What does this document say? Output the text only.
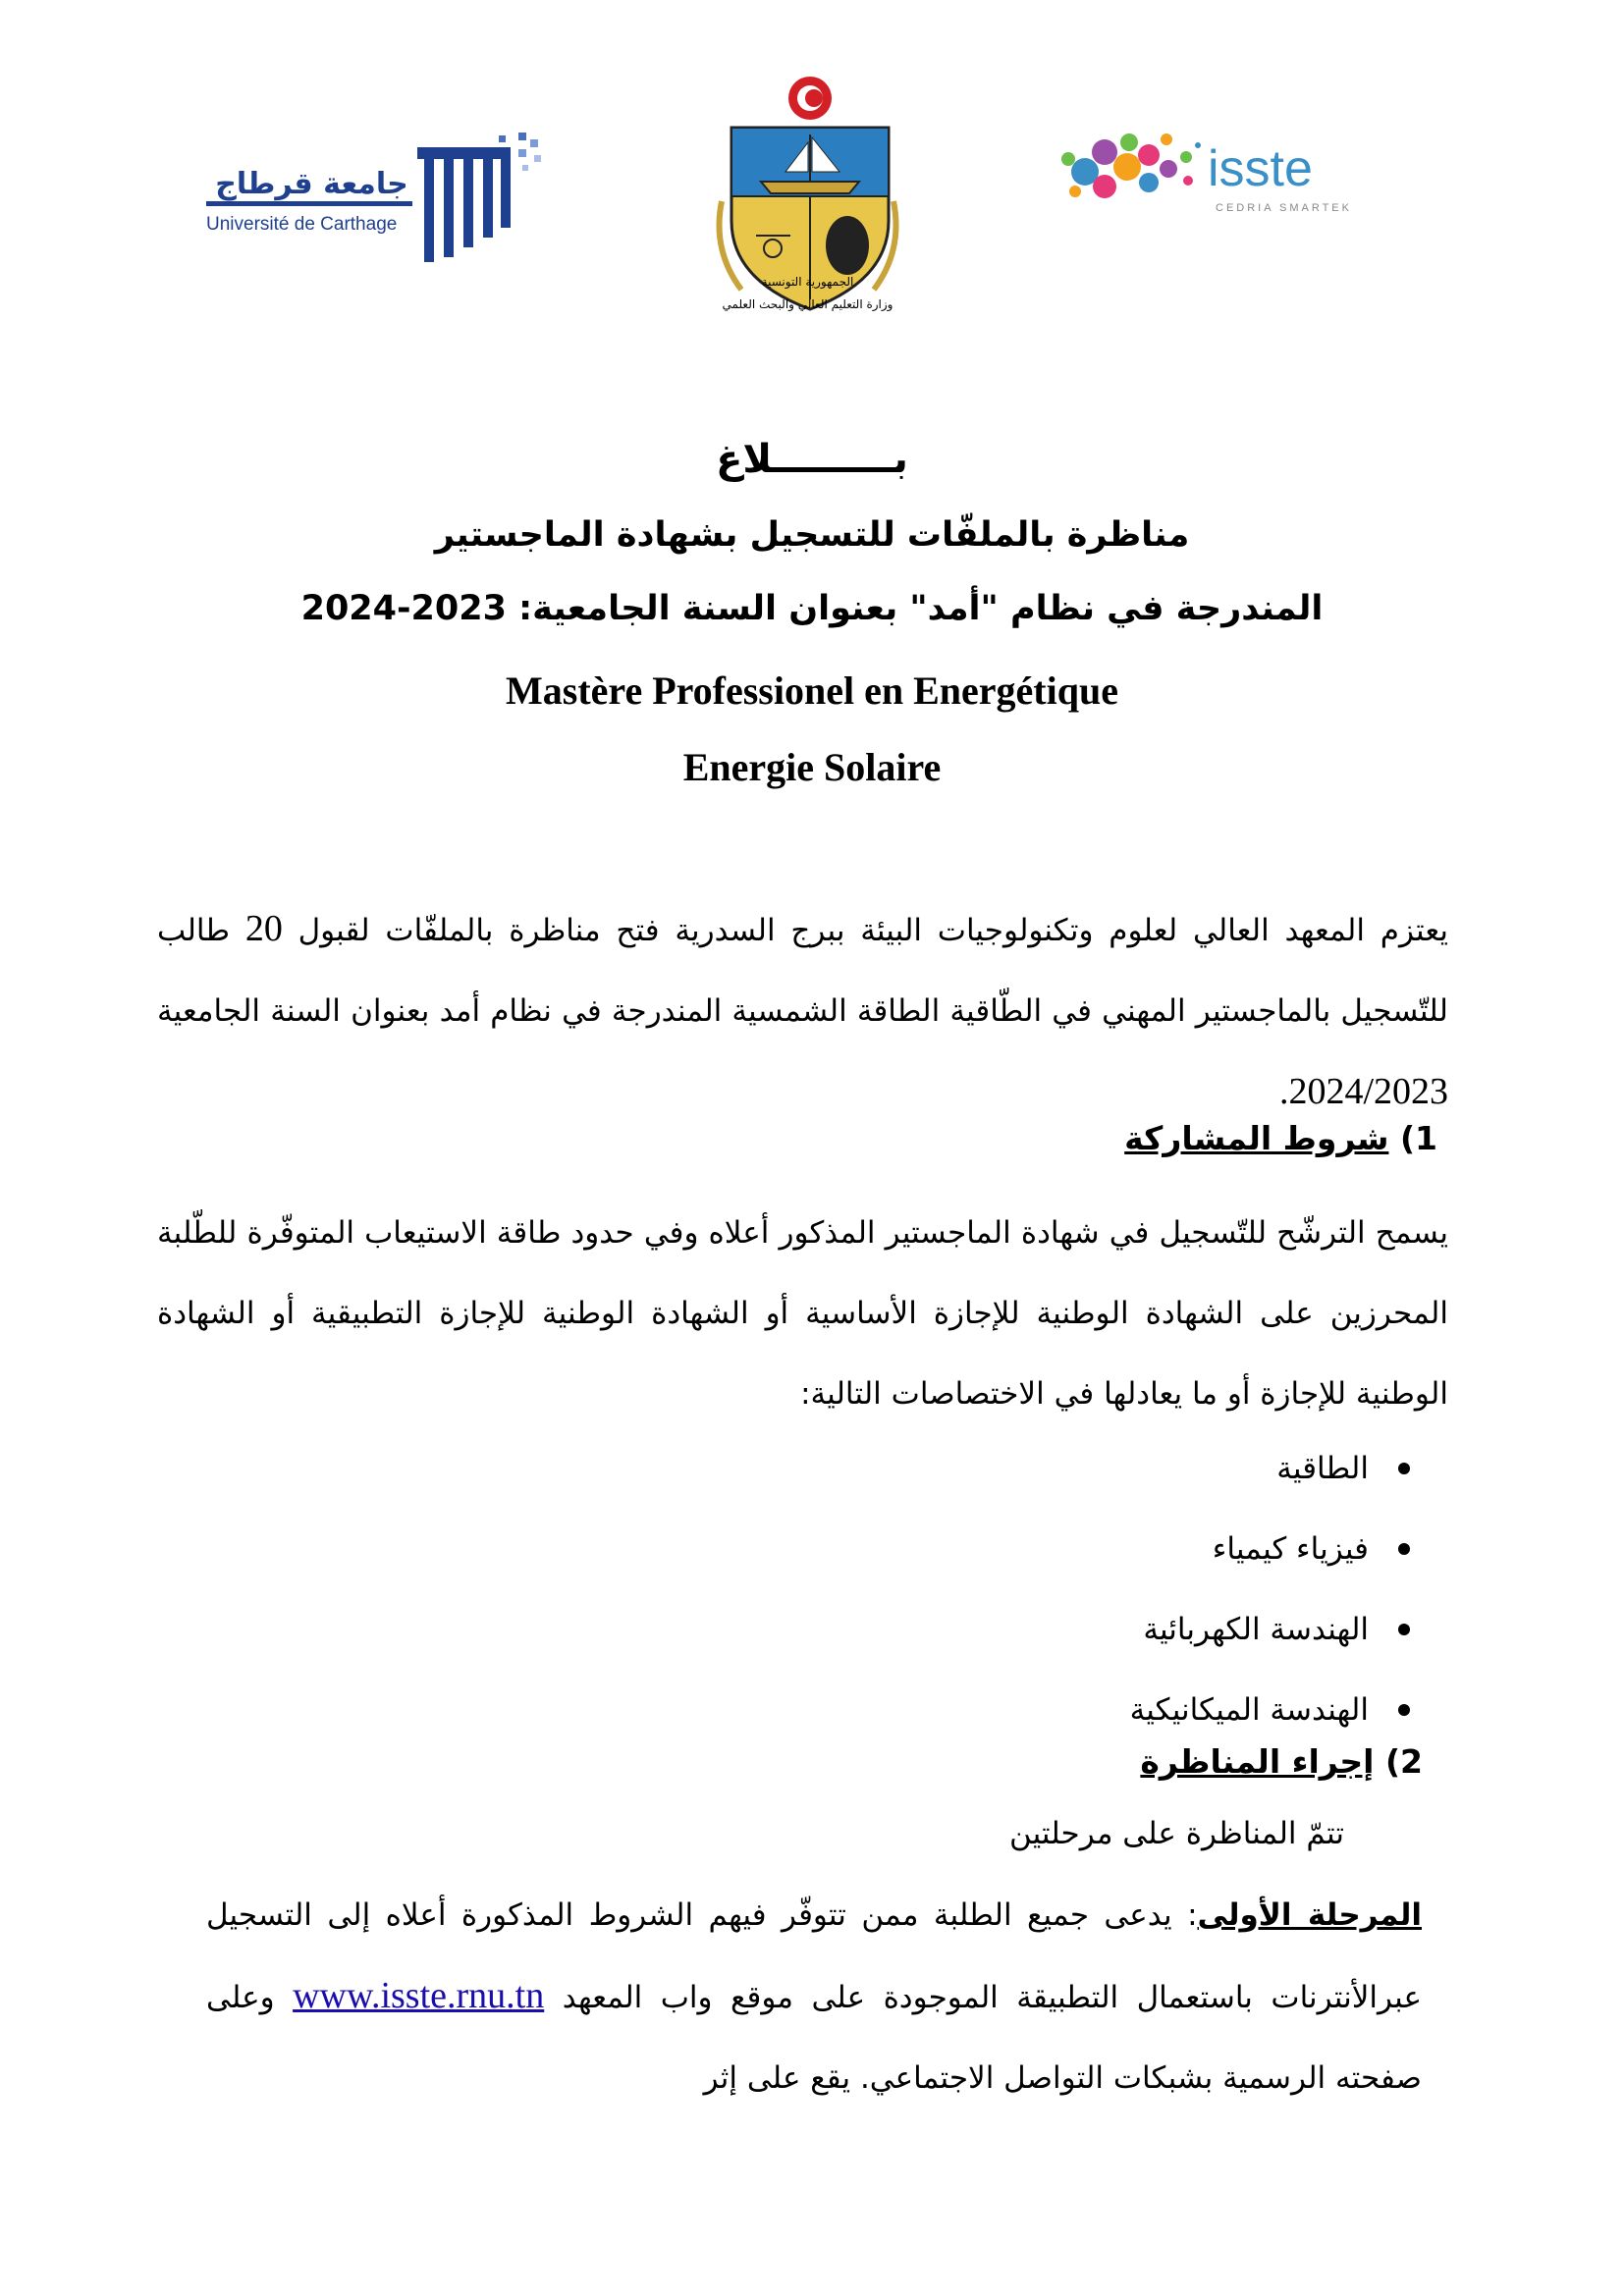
جامعة قرطاج
Université de Carthage
الجمهورية التونسية
وزارة التعليم العالي والبحث العلمي
isste
CEDRIA SMARTEK
بـــــــــلاغ
مناظرة بالملفّات للتسجيل بشهادة الماجستير
المندرجة في نظام "أمد" بعنوان السنة الجامعية: 2023-2024
Mastère Professionel en Energétique
Energie Solaire
يعتزم المعهد العالي لعلوم وتكنولوجيات البيئة ببرج السدرية فتح مناظرة بالملفّات لقبول 20 طالب للتّسجيل بالماجستير المهني في الطّاقية الطاقة الشمسية المندرجة في نظام أمد بعنوان السنة الجامعية 2024/2023.
1) شروط المشاركة
يسمح الترشّح للتّسجيل في شهادة الماجستير المذكور أعلاه وفي حدود طاقة الاستيعاب المتوفّرة للطّلبة المحرزين على الشهادة الوطنية للإجازة الأساسية أو الشهادة الوطنية للإجازة التطبيقية أو الشهادة الوطنية للإجازة أو ما يعادلها في الاختصاصات التالية:
الطاقية
فيزياء كيمياء
الهندسة الكهربائية
الهندسة الميكانيكية
2) إجراء المناظرة
تتمّ المناظرة على مرحلتين
المرحلة الأولى: يدعى جميع الطلبة ممن تتوفّر فيهم الشروط المذكورة أعلاه إلى التسجيل عبرالأنترنات باستعمال التطبيقة الموجودة على موقع واب المعهد www.isste.rnu.tn وعلى صفحته الرسمية بشبكات التواصل الاجتماعي. يقع على إثر
